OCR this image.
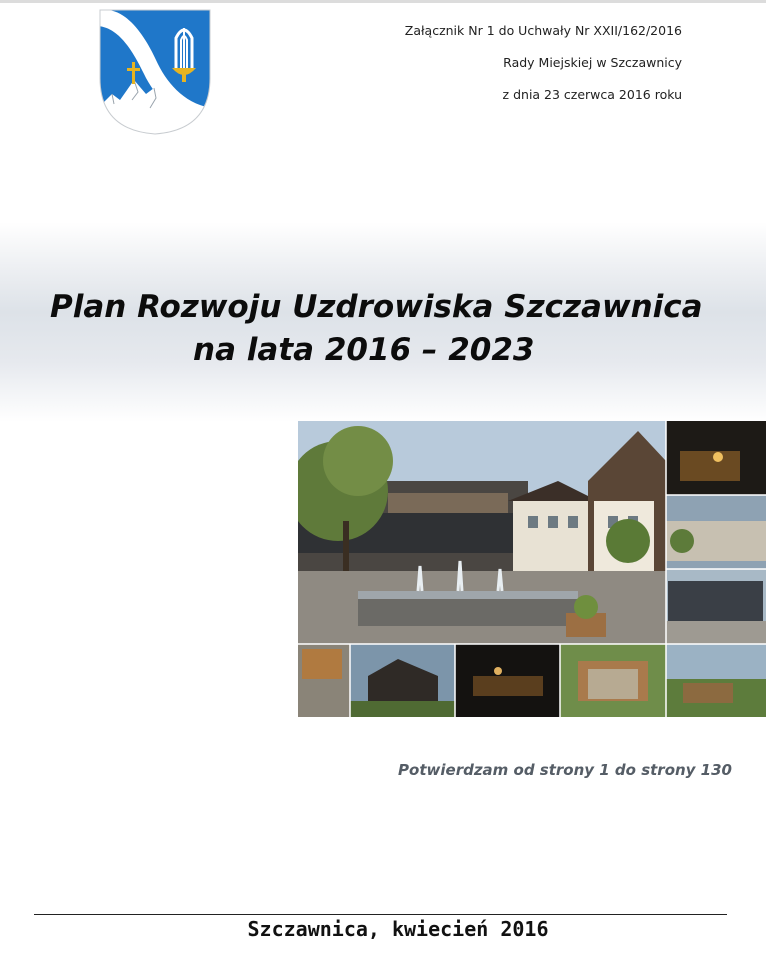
Załącznik Nr 1 do Uchwały Nr XXII/162/2016
Rady Miejskiej w Szczawnicy
z dnia 23 czerwca 2016 roku
Plan Rozwoju Uzdrowiska Szczawnica
na lata 2016 – 2023
Potwierdzam od strony 1 do strony 130
Szczawnica, kwiecień 2016
